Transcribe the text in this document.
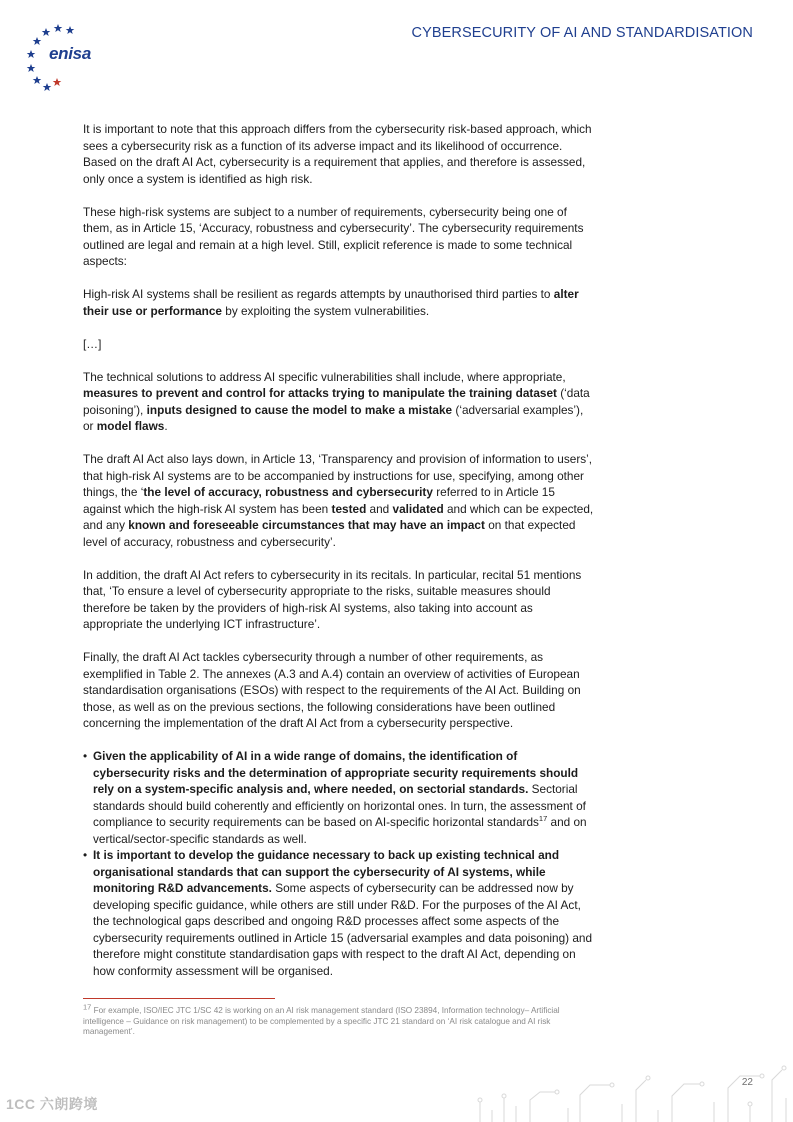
enisa
CYBERSECURITY OF AI AND STANDARDISATION

It is important to note that this approach differs from the cybersecurity risk-based approach, which sees a cybersecurity risk as a function of its adverse impact and its likelihood of occurrence. Based on the draft AI Act, cybersecurity is a requirement that applies, and therefore is assessed, only once a system is identified as high risk.

These high-risk systems are subject to a number of requirements, cybersecurity being one of them, as in Article 15, ‘Accuracy, robustness and cybersecurity’. The cybersecurity requirements outlined are legal and remain at a high level. Still, explicit reference is made to some technical aspects:

High-risk AI systems shall be resilient as regards attempts by unauthorised third parties to alter their use or performance by exploiting the system vulnerabilities.

[…]

The technical solutions to address AI specific vulnerabilities shall include, where appropriate, measures to prevent and control for attacks trying to manipulate the training dataset (‘data poisoning’), inputs designed to cause the model to make a mistake (‘adversarial examples’), or model flaws.

The draft AI Act also lays down, in Article 13, ‘Transparency and provision of information to users’, that high-risk AI systems are to be accompanied by instructions for use, specifying, among other things, the ‘the level of accuracy, robustness and cybersecurity referred to in Article 15 against which the high-risk AI system has been tested and validated and which can be expected, and any known and foreseeable circumstances that may have an impact on that expected level of accuracy, robustness and cybersecurity’.

In addition, the draft AI Act refers to cybersecurity in its recitals. In particular, recital 51 mentions that, ‘To ensure a level of cybersecurity appropriate to the risks, suitable measures should therefore be taken by the providers of high-risk AI systems, also taking into account as appropriate the underlying ICT infrastructure’.

Finally, the draft AI Act tackles cybersecurity through a number of other requirements, as exemplified in Table 2. The annexes (A.3 and A.4) contain an overview of activities of European standardisation organisations (ESOs) with respect to the requirements of the AI Act. Building on those, as well as on the previous sections, the following considerations have been outlined concerning the implementation of the draft AI Act from a cybersecurity perspective.

• Given the applicability of AI in a wide range of domains, the identification of cybersecurity risks and the determination of appropriate security requirements should rely on a system-specific analysis and, where needed, on sectorial standards. Sectorial standards should build coherently and efficiently on horizontal ones. In turn, the assessment of compliance to security requirements can be based on AI-specific horizontal standards$^{17}$ and on vertical/sector-specific standards as well.
• It is important to develop the guidance necessary to back up existing technical and organisational standards that can support the cybersecurity of AI systems, while monitoring R&D advancements. Some aspects of cybersecurity can be addressed now by developing specific guidance, while others are still under R&D. For the purposes of the AI Act, the technological gaps described and ongoing R&D processes affect some aspects of the cybersecurity requirements outlined in Article 15 (adversarial examples and data poisoning) and therefore might constitute standardisation gaps with respect to the draft AI Act, depending on how conformity assessment will be organised.
$^{17}$ For example, ISO/IEC JTC 1/SC 42 is working on an AI risk management standard (ISO 23894, Information technology– Artificial intelligence – Guidance on risk management) to be complemented by a specific JTC 21 standard on ‘AI risk catalogue and AI risk management’.
22
1CC 六朗跨境
